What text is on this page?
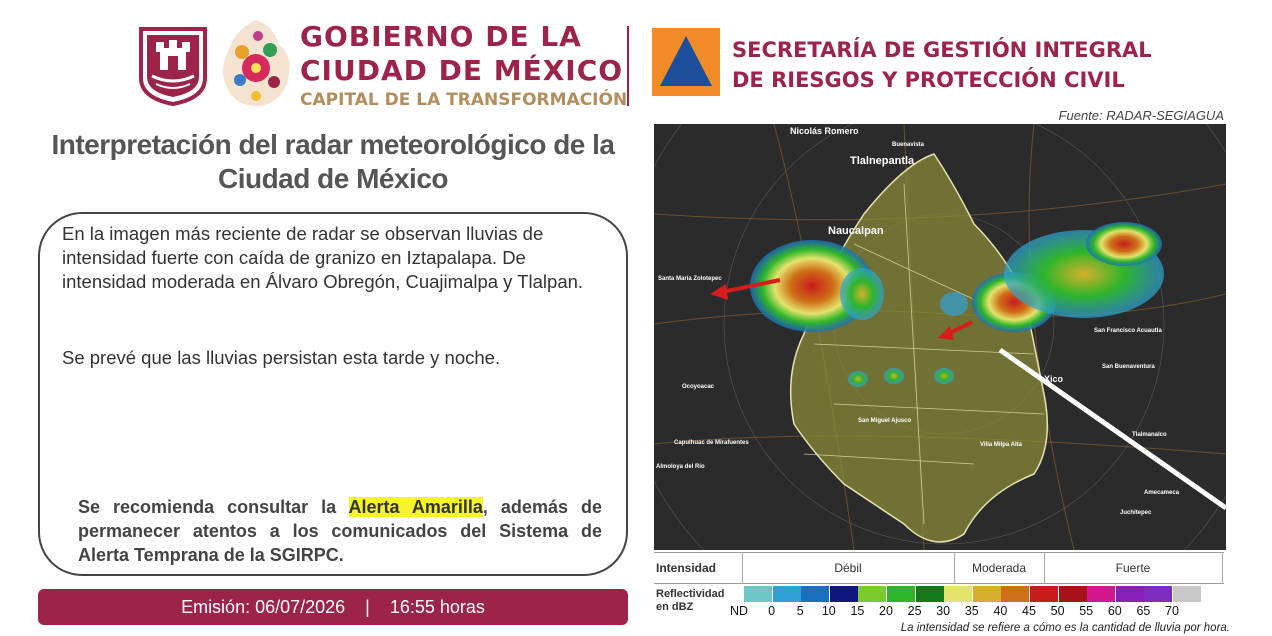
GOBIERNO DE LA
CIUDAD DE MÉXICO
CAPITAL DE LA TRANSFORMACIÓN
SECRETARÍA DE GESTIÓN INTEGRAL
DE RIESGOS Y PROTECCIÓN CIVIL
Fuente: RADAR-SEGIAGUA
Interpretación del radar meteorológico de la Ciudad de México
En la imagen más reciente de radar se observan lluvias de intensidad fuerte con caída de granizo en Iztapalapa. De intensidad moderada en Álvaro Obregón, Cuajimalpa y Tlalpan.
Se prevé que las lluvias persistan esta tarde y noche.
Se recomienda consultar la Alerta Amarilla, además de permanecer atentos a los comunicados del Sistema de Alerta Temprana de la SGIRPC.
Emisión: 06/07/2026 | 16:55 horas
Nicolás Romero
Tlalnepantla
Naucalpan
Santa María Zolotepec
Ocoyoacac
San Miguel Ajusco
Capulhuac de Mirafuentes
Almoloya del Río
Xico
San Francisco Acuautla
San Buenaventura
Tlalmanalco
Amecameca
Villa Milpa Alta
Juchitepec
Buenavista
Intensidad	Débil	Moderada	Fuerte
Reflectividad
en dBZ	ND	0	5	10	15	20	25	30	35	40	45	50	55	60	65	70
La intensidad se refiere a cómo es la cantidad de lluvia por hora.
